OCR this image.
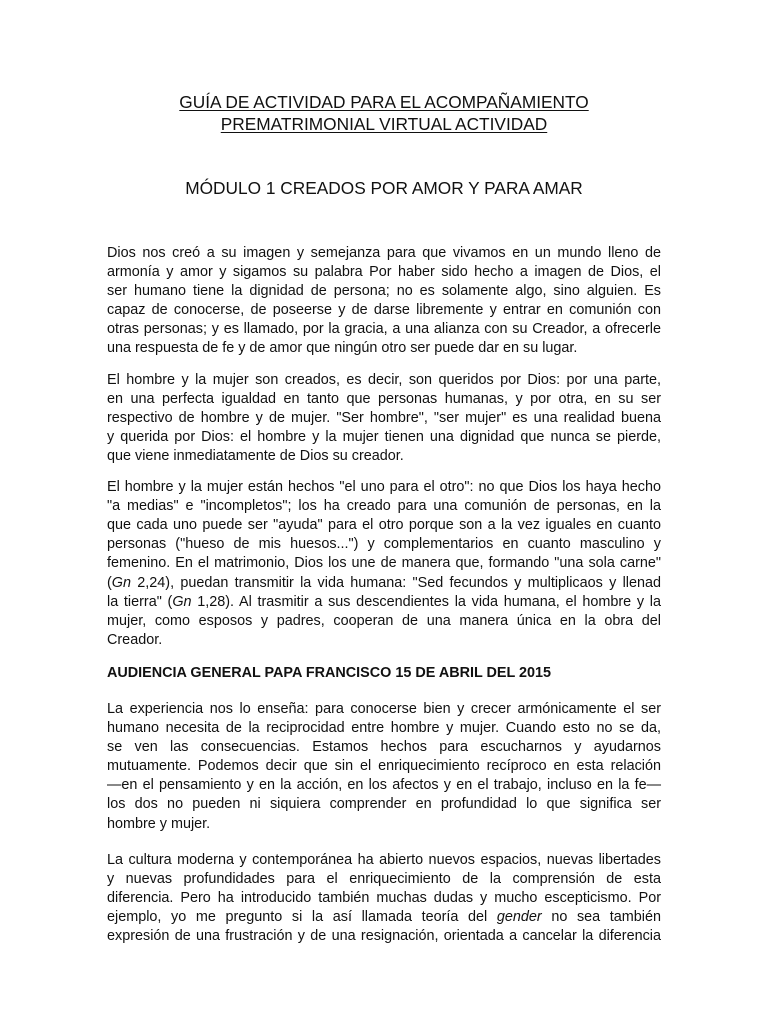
GUÍA DE ACTIVIDAD PARA EL ACOMPAÑAMIENTO
PREMATRIMONIAL VIRTUAL ACTIVIDAD
MÓDULO 1 CREADOS POR AMOR Y PARA AMAR
Dios nos creó a su imagen y semejanza para que vivamos en un mundo lleno de
armonía y amor y sigamos su palabra Por haber sido hecho a imagen de Dios, el
ser humano tiene la dignidad de persona; no es solamente algo, sino alguien. Es
capaz de conocerse, de poseerse y de darse libremente y entrar en comunión con
otras personas; y es llamado, por la gracia, a una alianza con su Creador, a ofrecerle
una respuesta de fe y de amor que ningún otro ser puede dar en su lugar.
El hombre y la mujer son creados, es decir, son queridos por Dios: por una parte,
en una perfecta igualdad en tanto que personas humanas, y por otra, en su ser
respectivo de hombre y de mujer. "Ser hombre", "ser mujer" es una realidad buena
y querida por Dios: el hombre y la mujer tienen una dignidad que nunca se pierde,
que viene inmediatamente de Dios su creador.
El hombre y la mujer están hechos "el uno para el otro": no que Dios los haya hecho
"a medias" e "incompletos"; los ha creado para una comunión de personas, en la
que cada uno puede ser "ayuda" para el otro porque son a la vez iguales en cuanto
personas ("hueso de mis huesos...") y complementarios en cuanto masculino y
femenino. En el matrimonio, Dios los une de manera que, formando "una sola carne"
(Gn 2,24), puedan transmitir la vida humana: "Sed fecundos y multiplicaos y llenad
la tierra" (Gn 1,28). Al trasmitir a sus descendientes la vida humana, el hombre y la
mujer, como esposos y padres, cooperan de una manera única en la obra del
Creador.

AUDIENCIA GENERAL PAPA FRANCISCO 15 DE ABRIL DEL 2015

La experiencia nos lo enseña: para conocerse bien y crecer armónicamente el ser
humano necesita de la reciprocidad entre hombre y mujer. Cuando esto no se da,
se ven las consecuencias. Estamos hechos para escucharnos y ayudarnos
mutuamente. Podemos decir que sin el enriquecimiento recíproco en esta relación
—en el pensamiento y en la acción, en los afectos y en el trabajo, incluso en la fe—
los dos no pueden ni siquiera comprender en profundidad lo que significa ser
hombre y mujer.
La cultura moderna y contemporánea ha abierto nuevos espacios, nuevas libertades
y nuevas profundidades para el enriquecimiento de la comprensión de esta
diferencia. Pero ha introducido también muchas dudas y mucho escepticismo. Por
ejemplo, yo me pregunto si la así llamada teoría del gender no sea también
expresión de una frustración y de una resignación, orientada a cancelar la diferencia
